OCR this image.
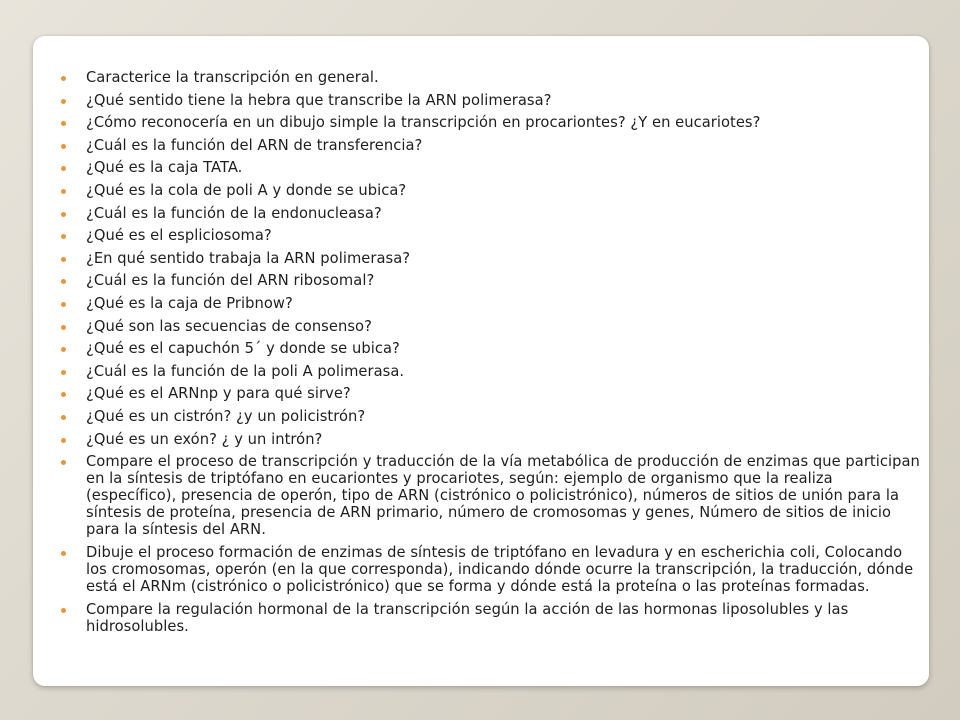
Caracterice la transcripción en general.
¿Qué sentido tiene la hebra que transcribe la ARN polimerasa?
¿Cómo reconocería en un dibujo simple la transcripción en procariontes? ¿Y en eucariotes?
¿Cuál es la función del ARN de transferencia?
¿Qué es la caja TATA.
¿Qué es la cola de poli A y donde se ubica?
¿Cuál es la función de la endonucleasa?
¿Qué es el espliciosoma?
¿En qué sentido trabaja la ARN polimerasa?
¿Cuál es la función del ARN ribosomal?
¿Qué es la caja de Pribnow?
¿Qué son las secuencias de consenso?
¿Qué es el capuchón 5´ y donde se ubica?
¿Cuál es la función de la poli A polimerasa.
¿Qué es el ARNnp y para qué sirve?
¿Qué es un cistrón? ¿y un policistrón?
¿Qué es un exón? ¿ y un intrón?
Compare el proceso de transcripción y traducción de la vía metabólica de producción de enzimas que participan en la síntesis de triptófano en eucariontes y procariotes, según: ejemplo de organismo que la realiza (específico), presencia de operón, tipo de ARN (cistrónico o policistrónico), números de sitios de unión para la síntesis de proteína, presencia de ARN primario, número de cromosomas y genes, Número de sitios de inicio para la síntesis del ARN.
Dibuje el proceso formación de enzimas de síntesis de triptófano en levadura y en escherichia coli, Colocando los cromosomas, operón (en la que corresponda), indicando dónde ocurre la transcripción, la traducción, dónde está el ARNm (cistrónico o policistrónico) que se forma y dónde está la proteína o las proteínas formadas.
Compare la regulación hormonal de la transcripción según la acción de las hormonas liposolubles y las hidrosolubles.
